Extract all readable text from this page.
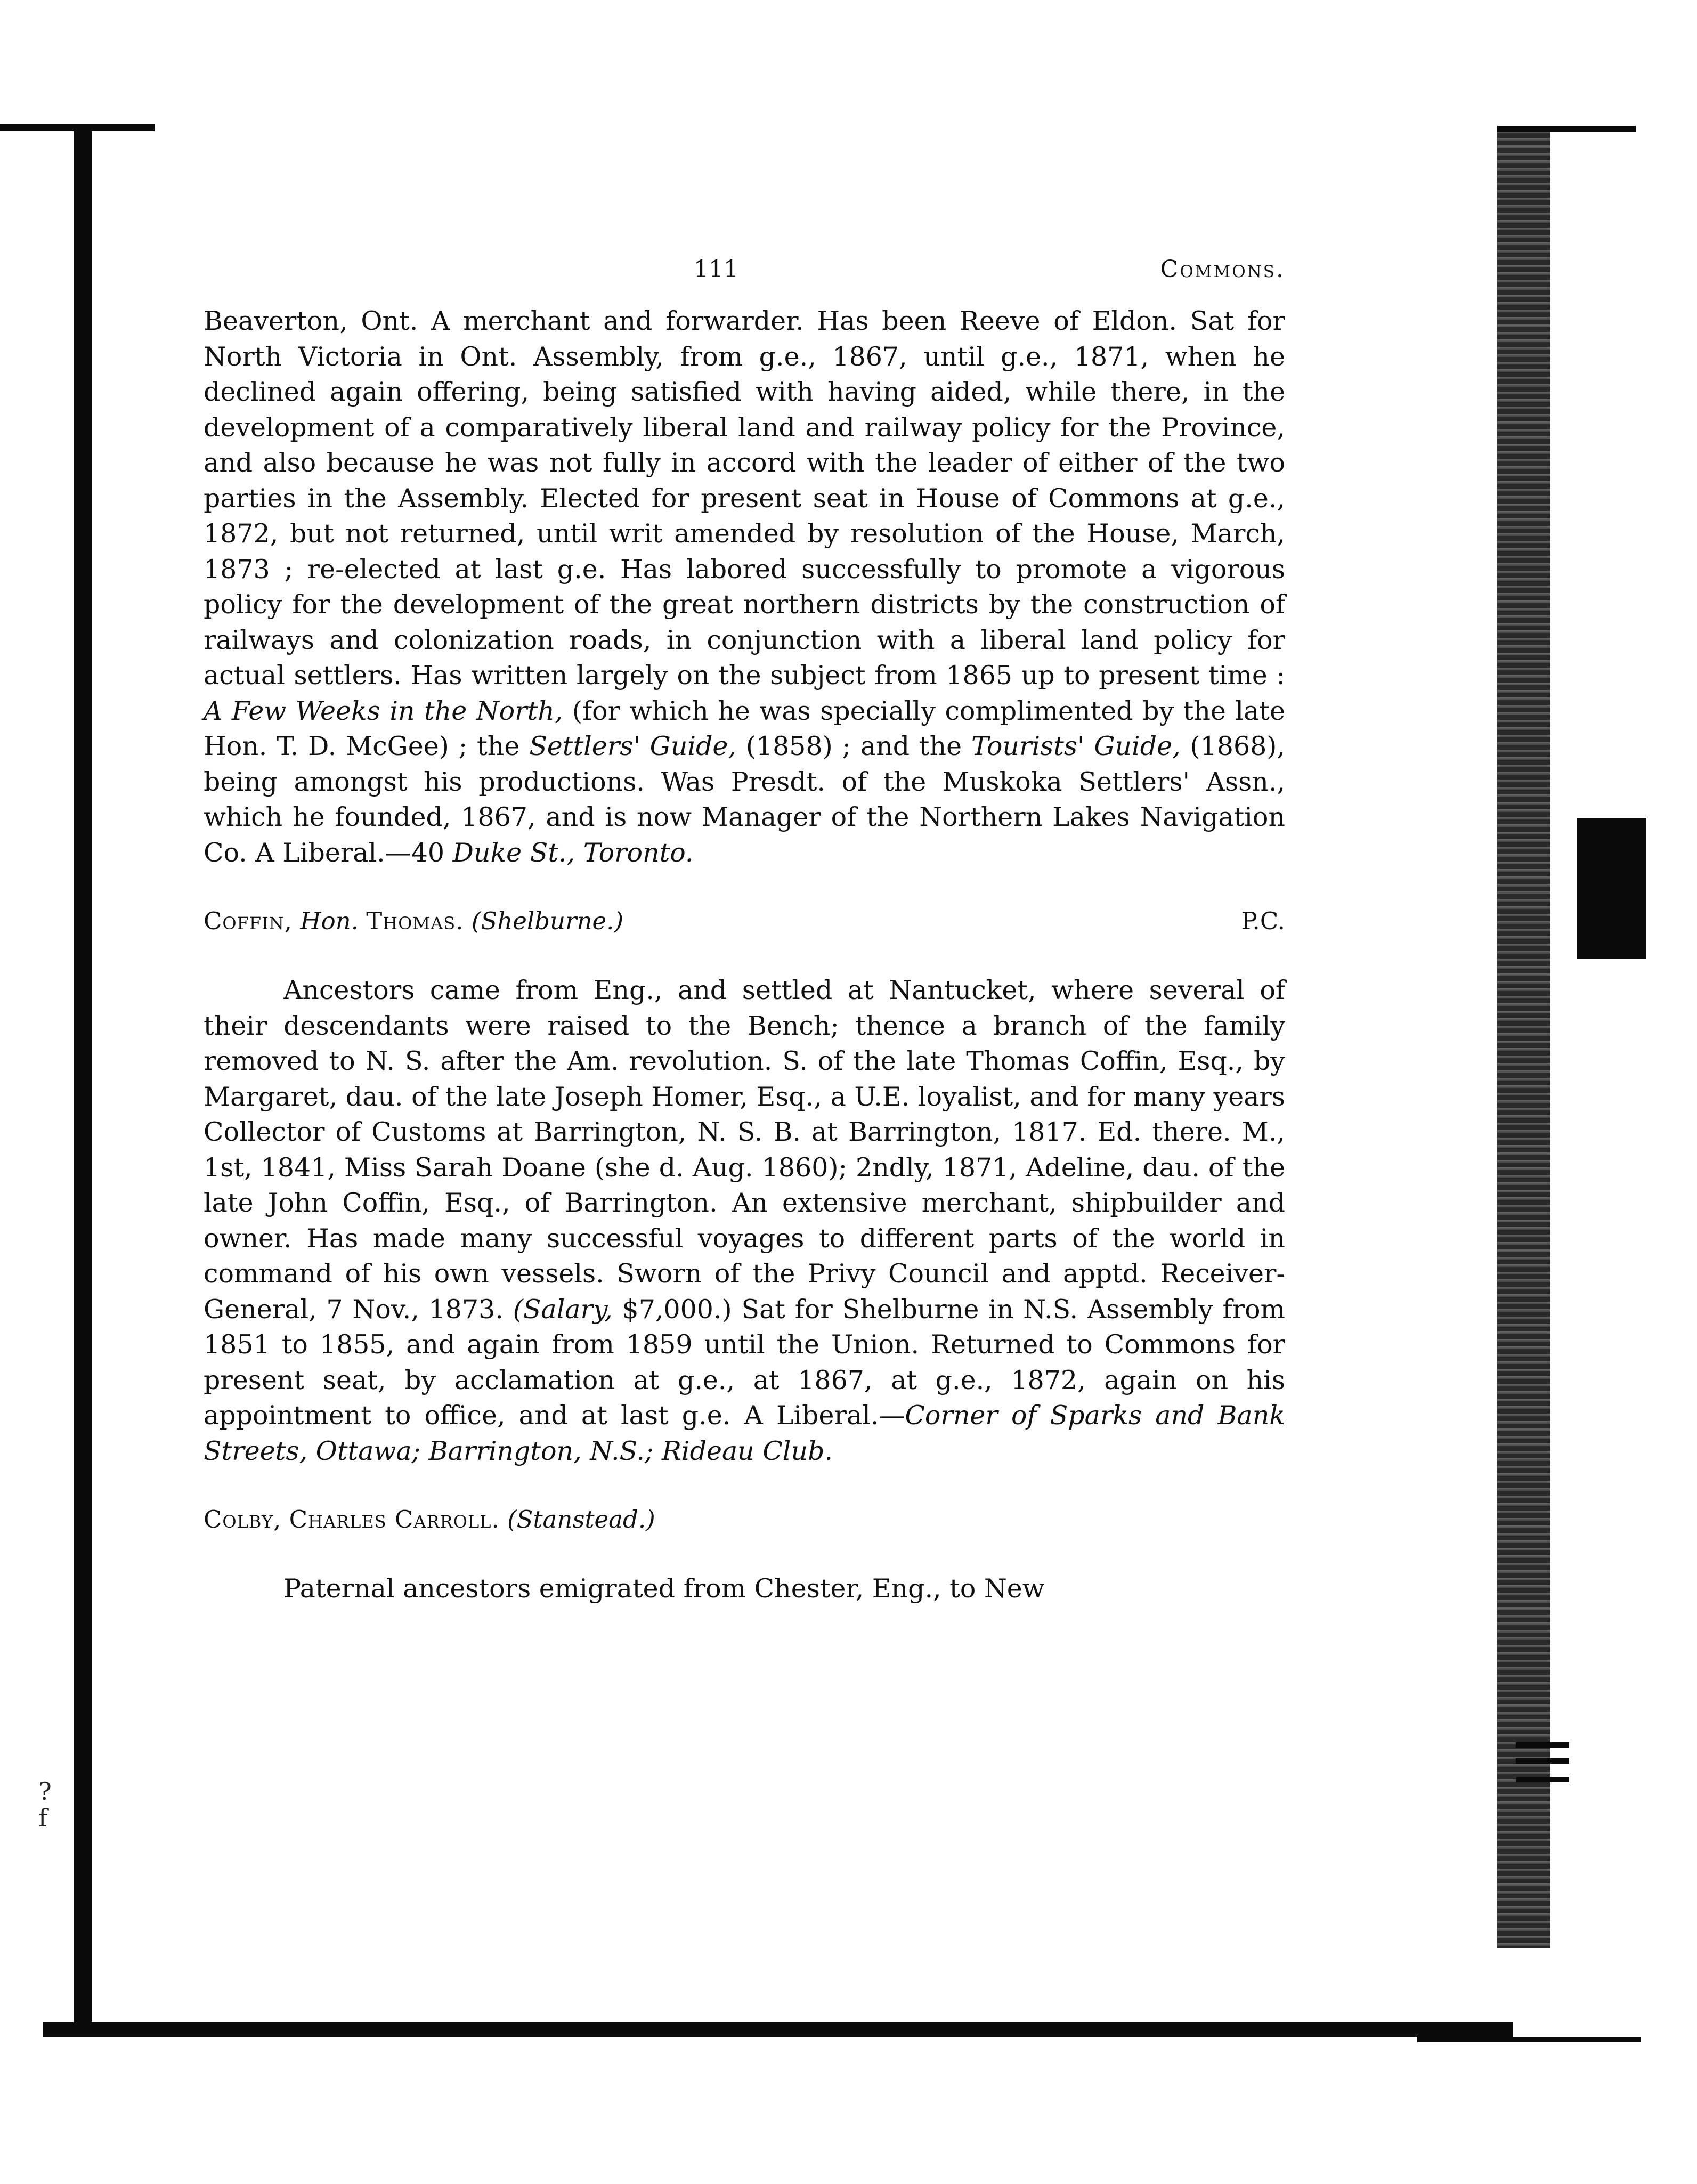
?
f
111	Commons.

Beaverton, Ont. A merchant and forwarder. Has been Reeve of Eldon. Sat for North Victoria in Ont. Assembly, from g.e., 1867, until g.e., 1871, when he declined again offering, being satisfied with having aided, while there, in the development of a comparatively liberal land and railway policy for the Province, and also because he was not fully in accord with the leader of either of the two parties in the Assembly. Elected for present seat in House of Commons at g.e., 1872, but not returned, until writ amended by resolution of the House, March, 1873 ; re-elected at last g.e. Has labored successfully to promote a vigorous policy for the development of the great northern districts by the construction of railways and colonization roads, in conjunction with a liberal land policy for actual settlers. Has written largely on the subject from 1865 up to present time : A Few Weeks in the North, (for which he was specially complimented by the late Hon. T. D. McGee) ; the Settlers' Guide, (1858) ; and the Tourists' Guide, (1868), being amongst his productions. Was Presdt. of the Muskoka Settlers' Assn., which he founded, 1867, and is now Manager of the Northern Lakes Navigation Co. A Liberal.—40 Duke St., Toronto.

Coffin, Hon. Thomas. (Shelburne.)	P.C.

Ancestors came from Eng., and settled at Nantucket, where several of their descendants were raised to the Bench; thence a branch of the family removed to N. S. after the Am. revolution. S. of the late Thomas Coffin, Esq., by Margaret, dau. of the late Joseph Homer, Esq., a U.E. loyalist, and for many years Collector of Customs at Barrington, N. S. B. at Barrington, 1817. Ed. there. M., 1st, 1841, Miss Sarah Doane (she d. Aug. 1860); 2ndly, 1871, Adeline, dau. of the late John Coffin, Esq., of Barrington. An extensive merchant, shipbuilder and owner. Has made many successful voyages to different parts of the world in command of his own vessels. Sworn of the Privy Council and apptd. Receiver-General, 7 Nov., 1873. (Salary, $7,000.) Sat for Shelburne in N.S. Assembly from 1851 to 1855, and again from 1859 until the Union. Returned to Commons for present seat, by acclamation at g.e., at 1867, at g.e., 1872, again on his appointment to office, and at last g.e. A Liberal.—Corner of Sparks and Bank Streets, Ottawa; Barrington, N.S.; Rideau Club.

Colby, Charles Carroll. (Stanstead.)

Paternal ancestors emigrated from Chester, Eng., to New
